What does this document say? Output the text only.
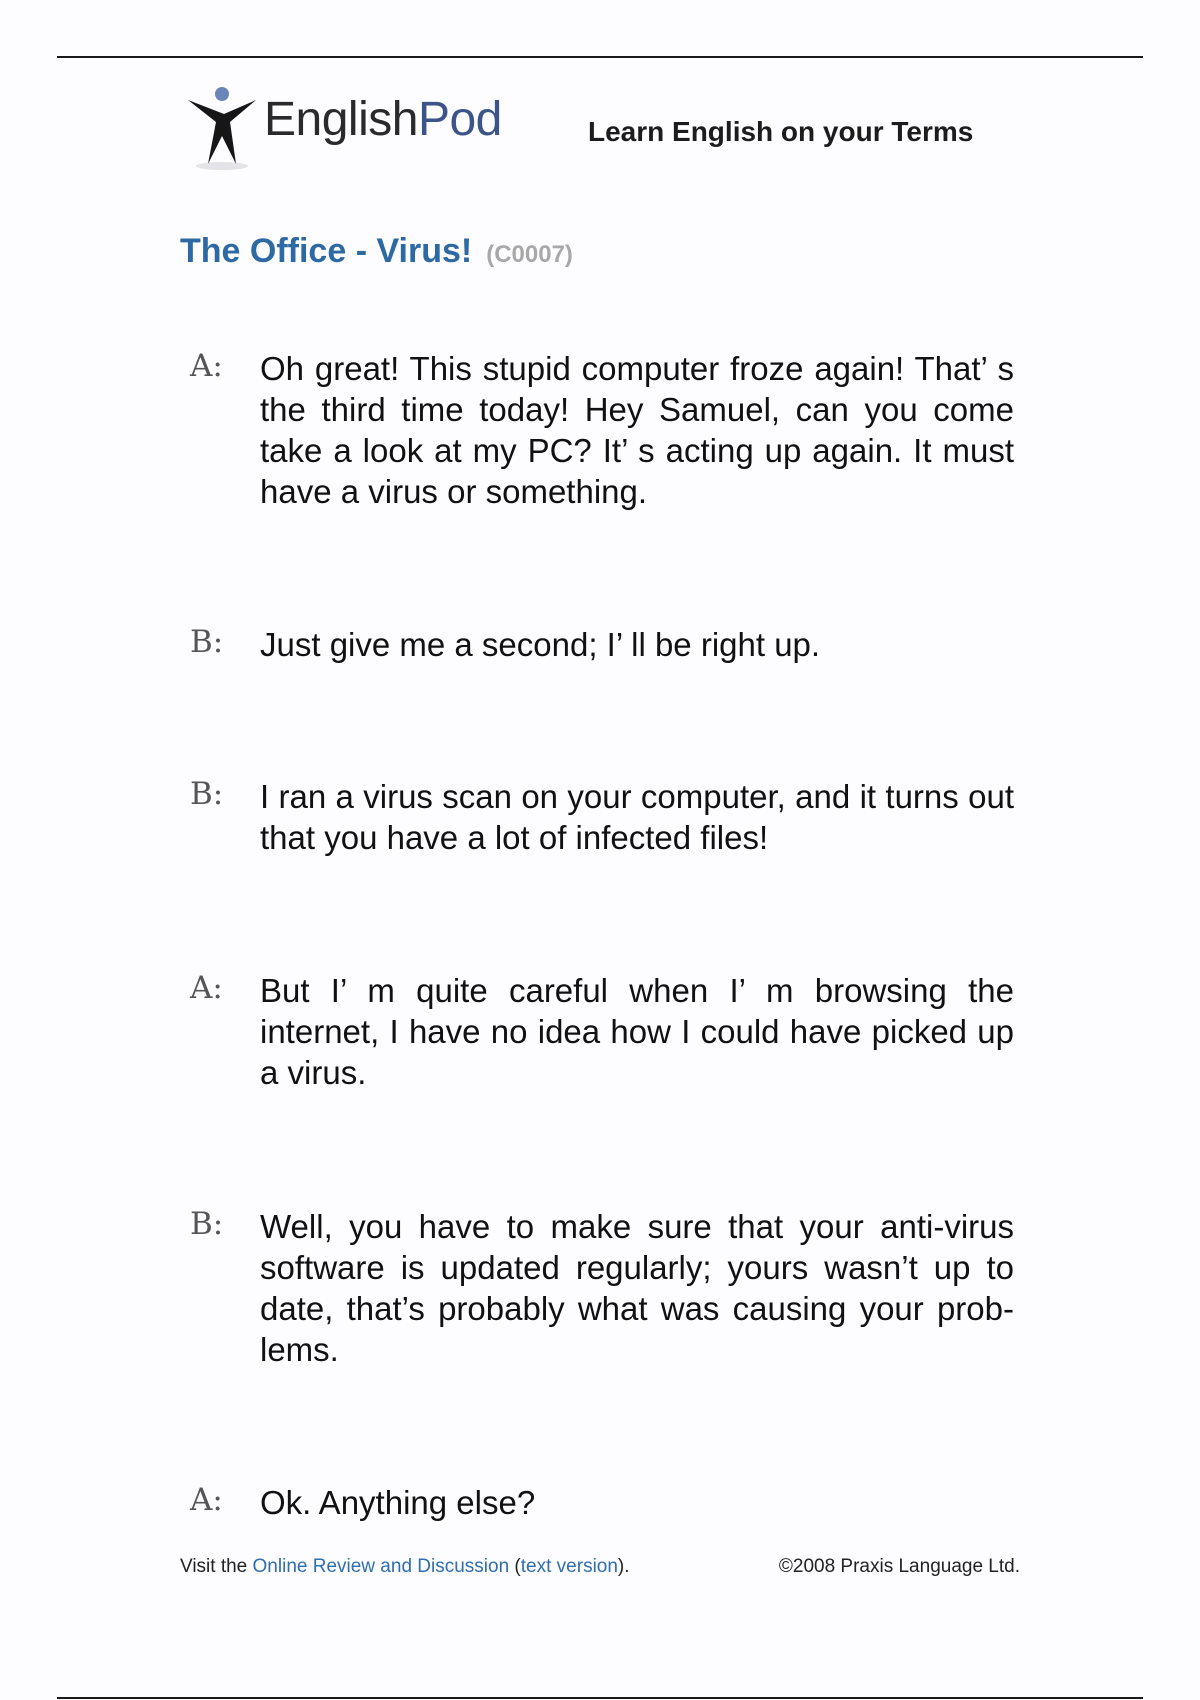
EnglishPod	Learn English on your Terms
The Office - Virus! (C0007)
A: Oh great! This stupid computer froze again! That’ s the third time today! Hey Samuel, can you come take a look at my PC? It’ s acting up again. It must have a virus or something.
B: Just give me a second; I’ ll be right up.
B: I ran a virus scan on your computer, and it turns out that you have a lot of infected files!
A: But I’ m quite careful when I’ m browsing the internet, I have no idea how I could have picked up a virus.
B: Well, you have to make sure that your anti-virus software is updated regularly; yours wasn’t up to date, that’s probably what was causing your prob-lems.
A: Ok. Anything else?
Visit the Online Review and Discussion (text version).	©2008 Praxis Language Ltd.
